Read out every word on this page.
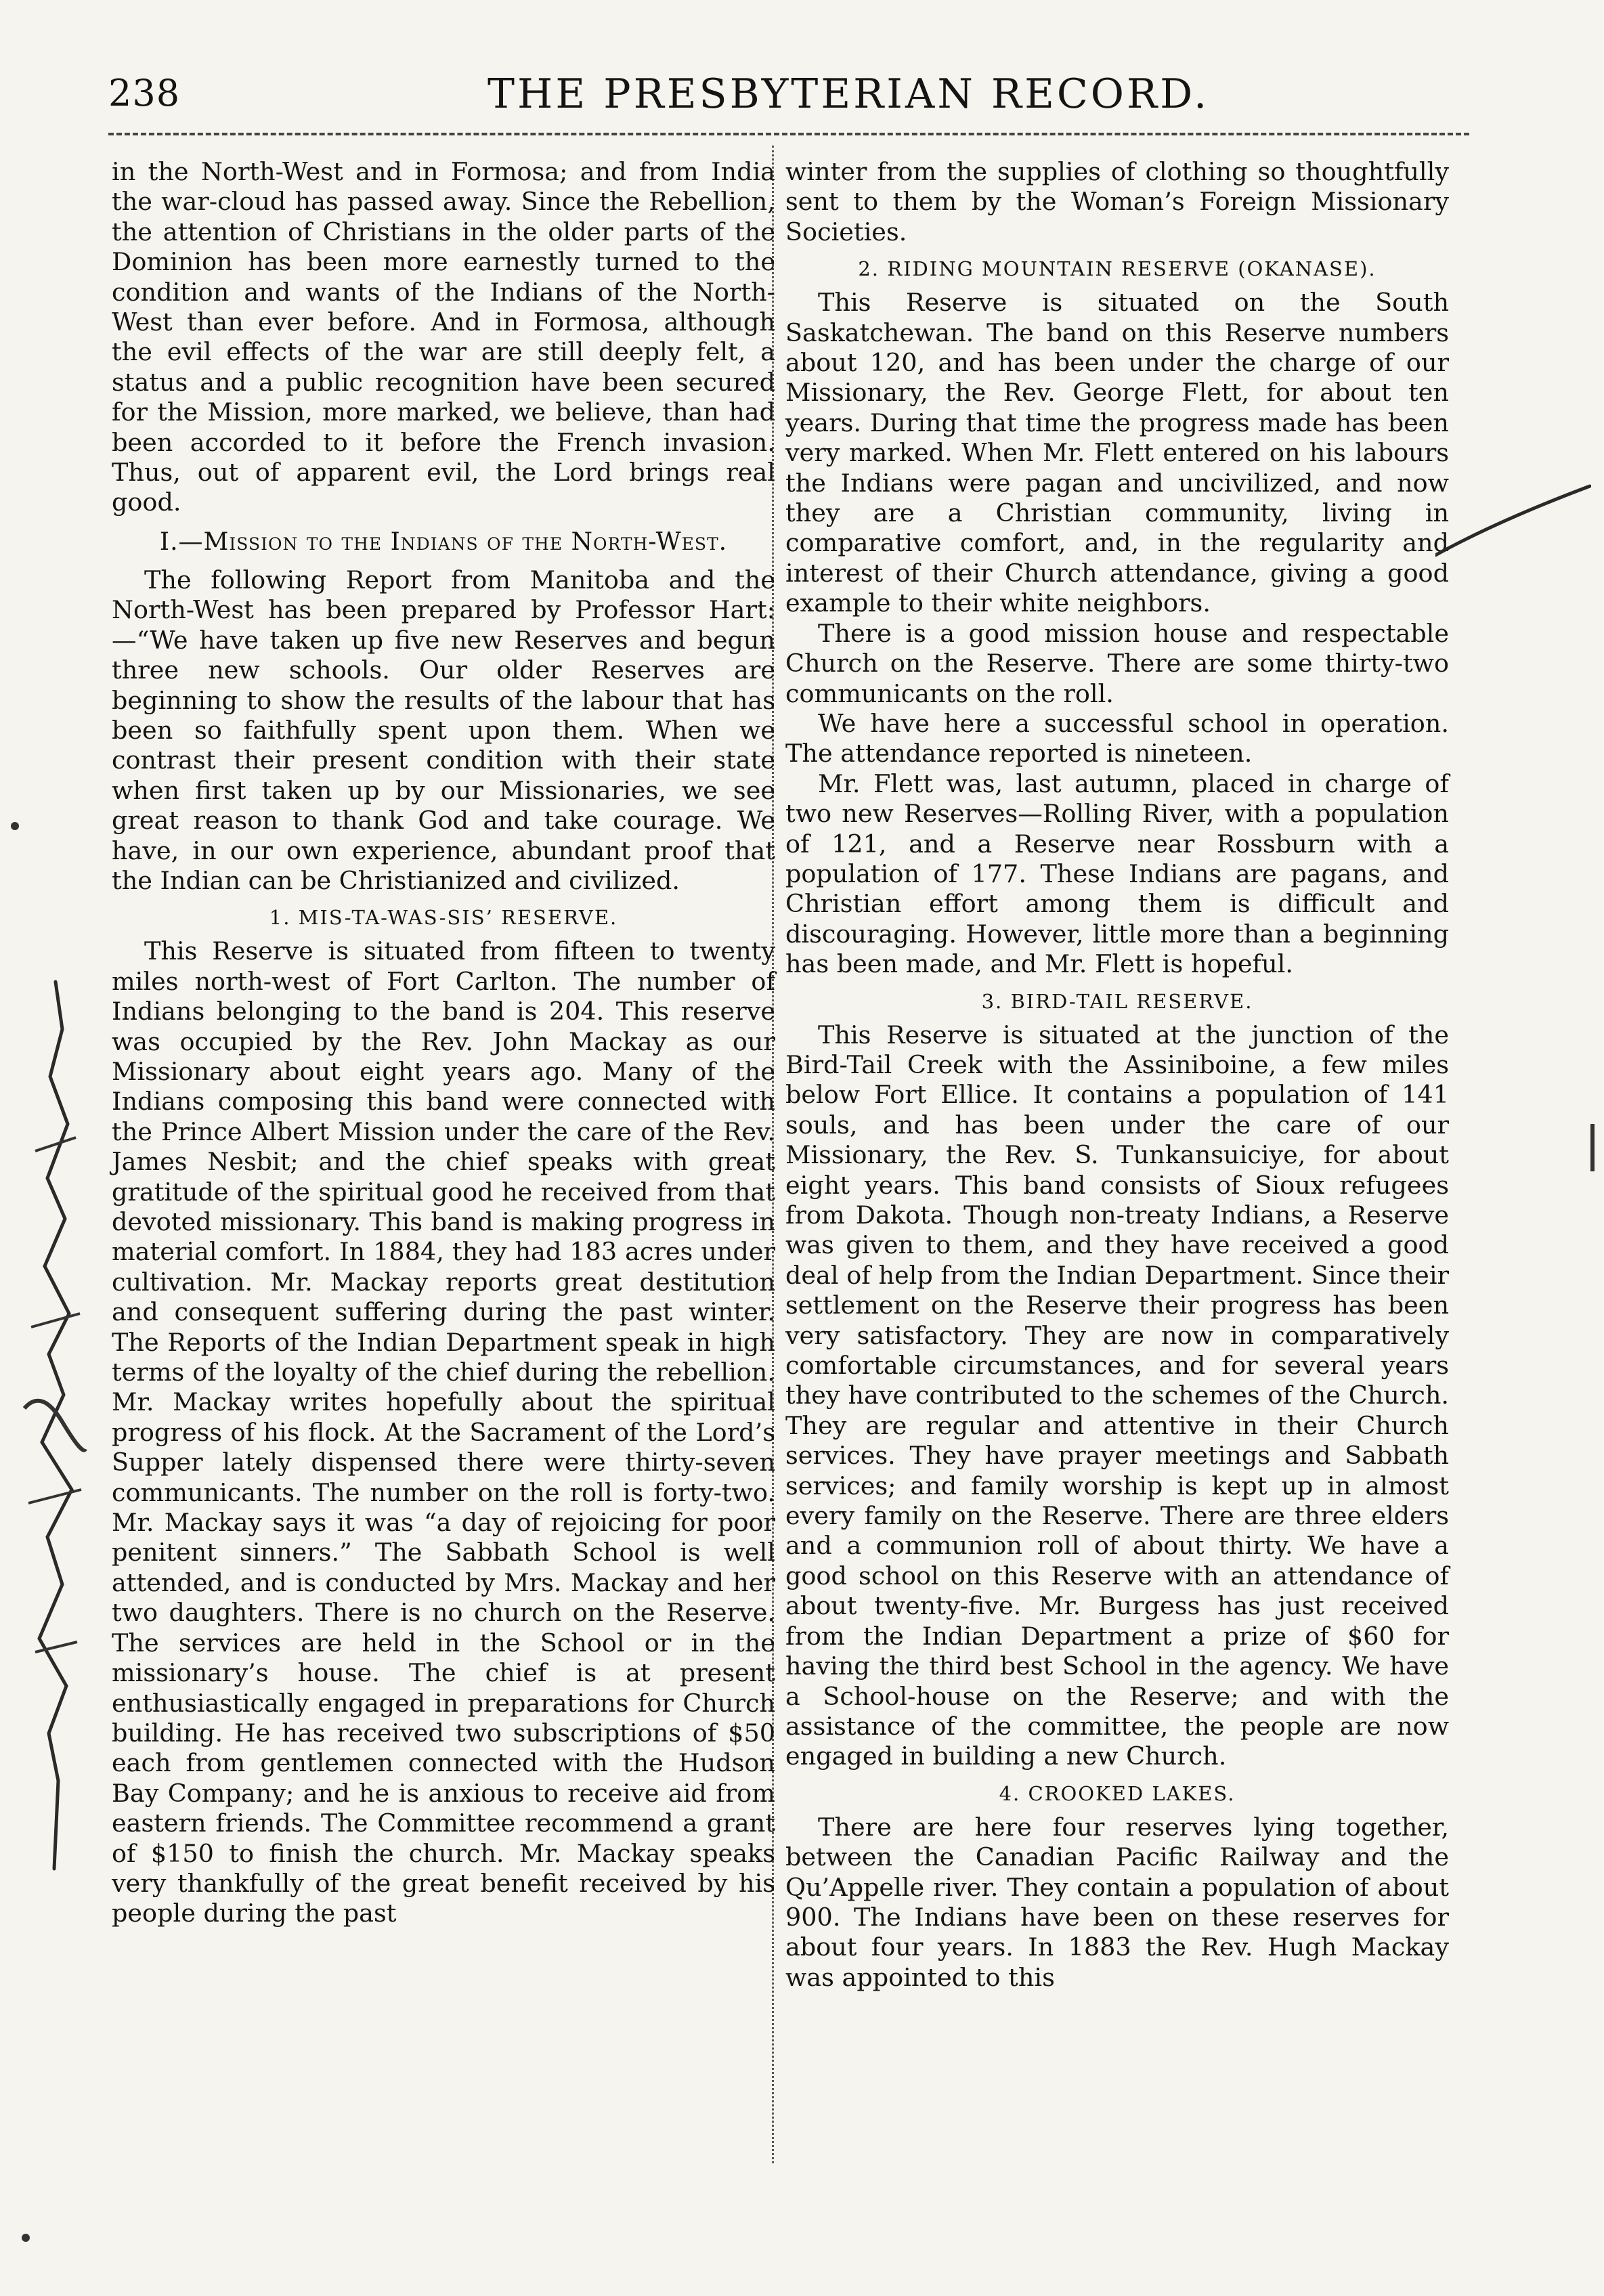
238	THE PRESBYTERIAN RECORD.

in the North-West and in Formosa; and from India the war-cloud has passed away. Since the Rebellion, the attention of Christians in the older parts of the Dominion has been more earnestly turned to the condition and wants of the Indians of the North-West than ever before. And in Formosa, although the evil effects of the war are still deeply felt, a status and a public recognition have been secured for the Mission, more marked, we believe, than had been accorded to it before the French invasion. Thus, out of apparent evil, the Lord brings real good.

I.—Mission to the Indians of the North-West.

The following Report from Manitoba and the North-West has been prepared by Professor Hart:—“We have taken up five new Reserves and begun three new schools. Our older Reserves are beginning to show the results of the labour that has been so faithfully spent upon them. When we contrast their present condition with their state when first taken up by our Missionaries, we see great reason to thank God and take courage. We have, in our own experience, abundant proof that the Indian can be Christianized and civilized.

1. MIS-TA-WAS-SIS’ RESERVE.

This Reserve is situated from fifteen to twenty miles north-west of Fort Carlton. The number of Indians belonging to the band is 204. This reserve was occupied by the Rev. John Mackay as our Missionary about eight years ago. Many of the Indians composing this band were connected with the Prince Albert Mission under the care of the Rev. James Nesbit; and the chief speaks with great gratitude of the spiritual good he received from that devoted missionary. This band is making progress in material comfort. In 1884, they had 183 acres under cultivation. Mr. Mackay reports great destitution and consequent suffering during the past winter. The Reports of the Indian Department speak in high terms of the loyalty of the chief during the rebellion. Mr. Mackay writes hopefully about the spiritual progress of his flock. At the Sacrament of the Lord’s Supper lately dispensed there were thirty-seven communicants. The number on the roll is forty-two. Mr. Mackay says it was “a day of rejoicing for poor penitent sinners.” The Sabbath School is well attended, and is conducted by Mrs. Mackay and her two daughters. There is no church on the Reserve. The services are held in the School or in the missionary’s house. The chief is at present enthusiastically engaged in preparations for Church building. He has received two subscriptions of $50 each from gentlemen connected with the Hudson Bay Company; and he is anxious to receive aid from eastern friends. The Committee recommend a grant of $150 to finish the church. Mr. Mackay speaks very thankfully of the great benefit received by his people during the past

winter from the supplies of clothing so thoughtfully sent to them by the Woman’s Foreign Missionary Societies.

2. RIDING MOUNTAIN RESERVE (OKANASE).

This Reserve is situated on the South Saskatchewan. The band on this Reserve numbers about 120, and has been under the charge of our Missionary, the Rev. George Flett, for about ten years. During that time the progress made has been very marked. When Mr. Flett entered on his labours the Indians were pagan and uncivilized, and now they are a Christian community, living in comparative comfort, and, in the regularity and interest of their Church attendance, giving a good example to their white neighbors.

There is a good mission house and respectable Church on the Reserve. There are some thirty-two communicants on the roll.

We have here a successful school in operation. The attendance reported is nineteen.

Mr. Flett was, last autumn, placed in charge of two new Reserves—Rolling River, with a population of 121, and a Reserve near Rossburn with a population of 177. These Indians are pagans, and Christian effort among them is difficult and discouraging. However, little more than a beginning has been made, and Mr. Flett is hopeful.

3. BIRD-TAIL RESERVE.

This Reserve is situated at the junction of the Bird-Tail Creek with the Assiniboine, a few miles below Fort Ellice. It contains a population of 141 souls, and has been under the care of our Missionary, the Rev. S. Tunkansuiciye, for about eight years. This band consists of Sioux refugees from Dakota. Though non-treaty Indians, a Reserve was given to them, and they have received a good deal of help from the Indian Department. Since their settlement on the Reserve their progress has been very satisfactory. They are now in comparatively comfortable circumstances, and for several years they have contributed to the schemes of the Church. They are regular and attentive in their Church services. They have prayer meetings and Sabbath services; and family worship is kept up in almost every family on the Reserve. There are three elders and a communion roll of about thirty. We have a good school on this Reserve with an attendance of about twenty-five. Mr. Burgess has just received from the Indian Department a prize of $60 for having the third best School in the agency. We have a School-house on the Reserve; and with the assistance of the committee, the people are now engaged in building a new Church.

4. CROOKED LAKES.

There are here four reserves lying together, between the Canadian Pacific Railway and the Qu’Appelle river. They contain a population of about 900. The Indians have been on these reserves for about four years. In 1883 the Rev. Hugh Mackay was appointed to this
